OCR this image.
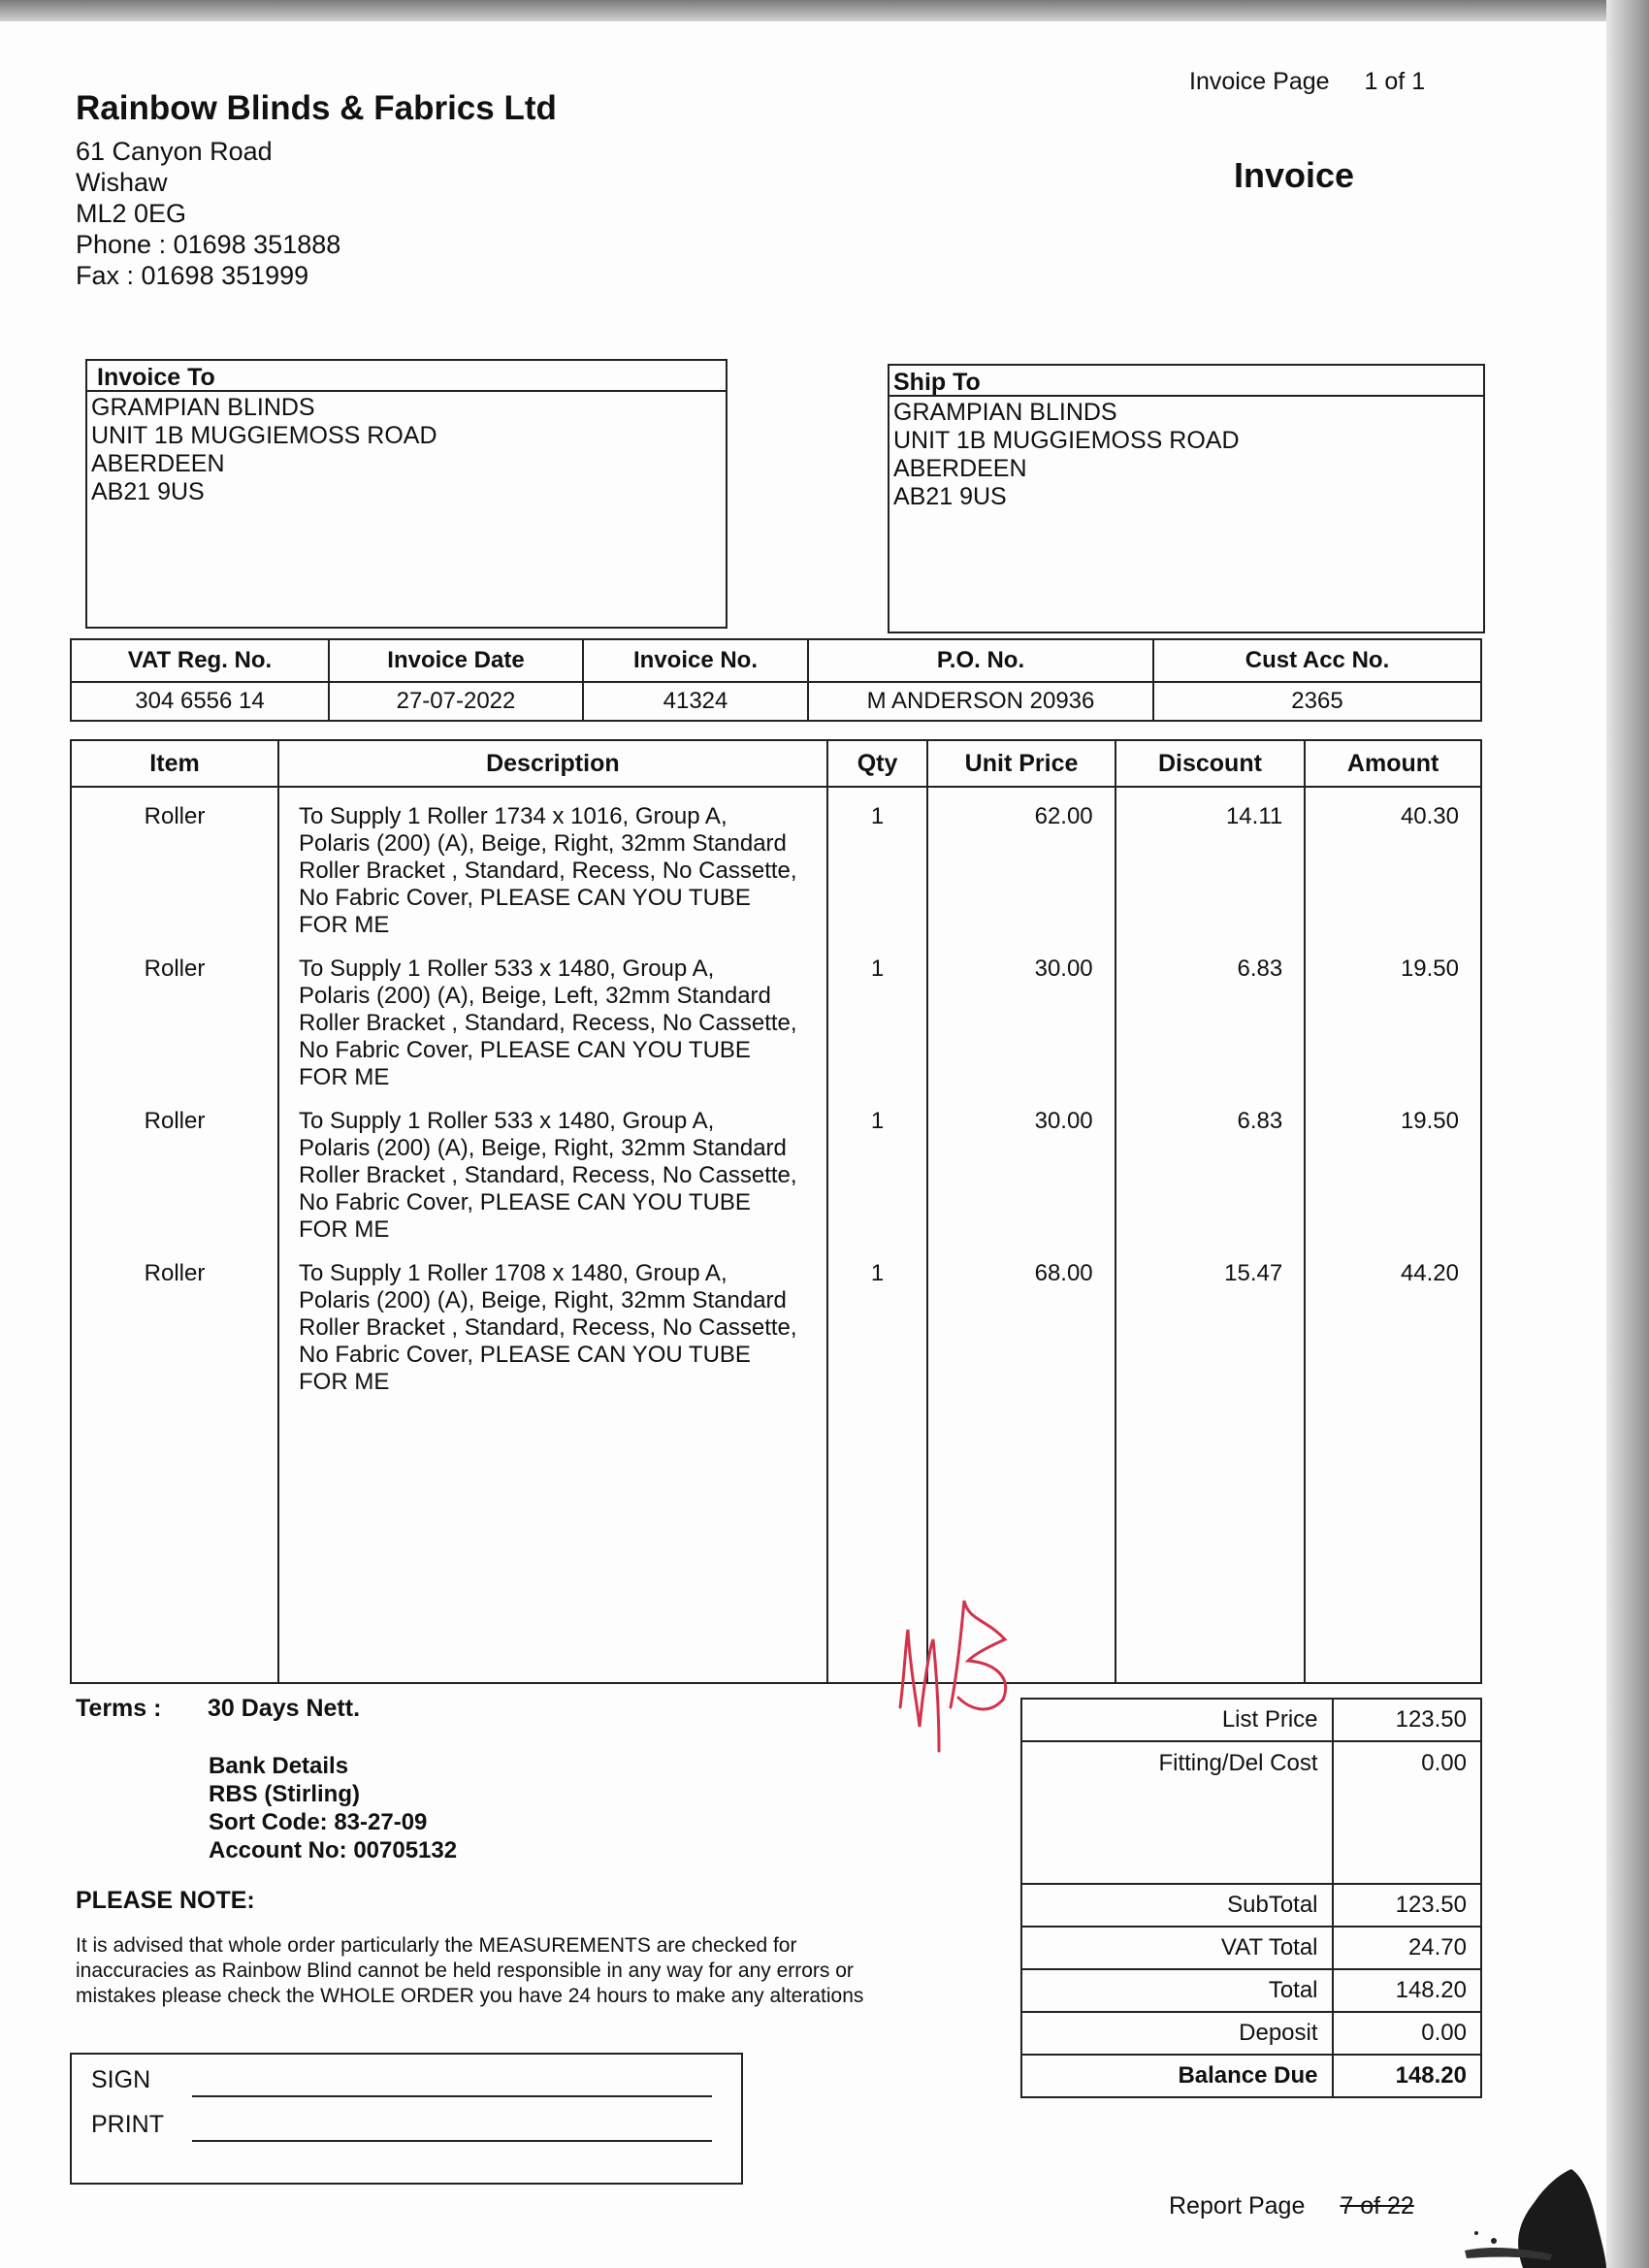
Rainbow Blinds & Fabrics Ltd
61 Canyon Road
Wishaw
ML2 0EG
Phone : 01698 351888
Fax : 01698 351999
Invoice Page 1 of 1
Invoice
Invoice To
GRAMPIAN BLINDS
UNIT 1B MUGGIEMOSS ROAD
ABERDEEN
AB21 9US
Ship To
GRAMPIAN BLINDS
UNIT 1B MUGGIEMOSS ROAD
ABERDEEN
AB21 9US
VAT Reg. No.	Invoice Date	Invoice No.	P.O. No.	Cust Acc No.
304 6556 14	27-07-2022	41324	M ANDERSON 20936	2365
Item	Description	Qty	Unit Price	Discount	Amount
Roller	To Supply 1 Roller 1734 x 1016, Group A,
Polaris (200) (A), Beige, Right, 32mm Standard
Roller Bracket , Standard, Recess, No Cassette,
No Fabric Cover, PLEASE CAN YOU TUBE
FOR ME	1	62.00	14.11	40.30
Roller	To Supply 1 Roller 533 x 1480, Group A,
Polaris (200) (A), Beige, Left, 32mm Standard
Roller Bracket , Standard, Recess, No Cassette,
No Fabric Cover, PLEASE CAN YOU TUBE
FOR ME	1	30.00	6.83	19.50
Roller	To Supply 1 Roller 533 x 1480, Group A,
Polaris (200) (A), Beige, Right, 32mm Standard
Roller Bracket , Standard, Recess, No Cassette,
No Fabric Cover, PLEASE CAN YOU TUBE
FOR ME	1	30.00	6.83	19.50
Roller	To Supply 1 Roller 1708 x 1480, Group A,
Polaris (200) (A), Beige, Right, 32mm Standard
Roller Bracket , Standard, Recess, No Cassette,
No Fabric Cover, PLEASE CAN YOU TUBE
FOR ME	1	68.00	15.47	44.20

Terms : 30 Days Nett.
Bank Details
RBS (Stirling)
Sort Code: 83-27-09
Account No: 00705132
PLEASE NOTE:
It is advised that whole order particularly the MEASUREMENTS are checked for
inaccuracies as Rainbow Blind cannot be held responsible in any way for any errors or
mistakes please check the WHOLE ORDER you have 24 hours to make any alterations
List Price	123.50
Fitting/Del Cost	0.00
SubTotal	123.50
VAT Total	24.70
Total	148.20
Deposit	0.00
Balance Due	148.20
SIGN
PRINT
Report Page 7 of 22
